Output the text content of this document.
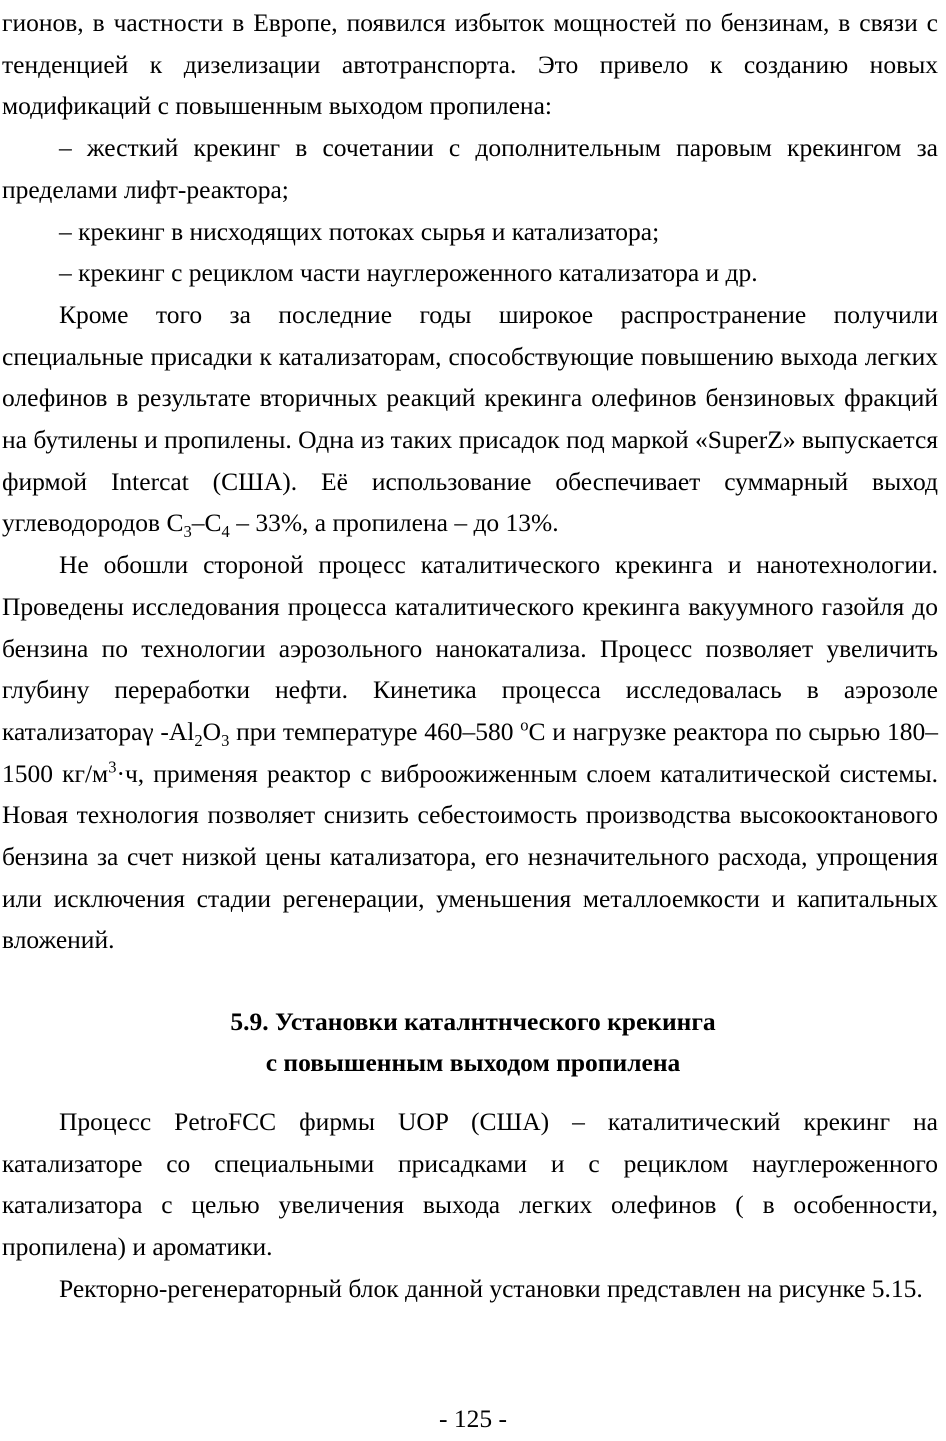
гионов, в частности в Европе, появился избыток мощностей по бензинам, в связи с тенденцией к дизелизации автотранспорта. Это привело к созданию новых модификаций с повышенным выходом пропилена:

– жесткий крекинг в сочетании с дополнительным паровым крекингом за пределами лифт-реактора;

– крекинг в нисходящих потоках сырья и катализатора;

– крекинг с рециклом части науглероженного катализатора и др.

Кроме того за последние годы широкое распространение получили специальные присадки к катализаторам, способствующие повышению выхода легких олефинов в результате вторичных реакций крекинга олефинов бензиновых фракций на бутилены и пропилены. Одна из таких присадок под маркой «SuperZ» выпускается фирмой Intercat (США). Её использование обеспечивает суммарный выход углеводородов $C_3-C_4 - 33\%$, а пропилена – до 13%.

Не обошли стороной процесс каталитического крекинга и нанотехнологии. Проведены исследования процесса каталитического крекинга вакуумного газойля до бензина по технологии аэрозольного нанокатализа. Процесс позволяет увеличить глубину переработки нефти. Кинетика процесса исследовалась в аэрозоле катализатораγ $-Al_2O_3$ при температуре 460–580 $^o$С и нагрузке реактора по сырью 180–1500 $кг/м^3\cdot ч$, применяя реактор с виброожиженным слоем каталитической системы. Новая технология позволяет снизить себестоимость производства высокооктанового бензина за счет низкой цены катализатора, его незначительного расхода, упрощения или исключения стадии регенерации, уменьшения металлоемкости и капитальных вложений.

5.9. Установки каталнтнческого крекинга
с повышенным выходом пропилена

Процесс PetroFCC фирмы UOP (США) – каталитический крекинг на катализаторе со специальными присадками и с рециклом науглероженного катализатора с целью увеличения выхода легких олефинов ( в особенности, пропилена) и ароматики.

Ректорно-регенераторный блок данной установки представлен на рисунке 5.15.

- 125 -
